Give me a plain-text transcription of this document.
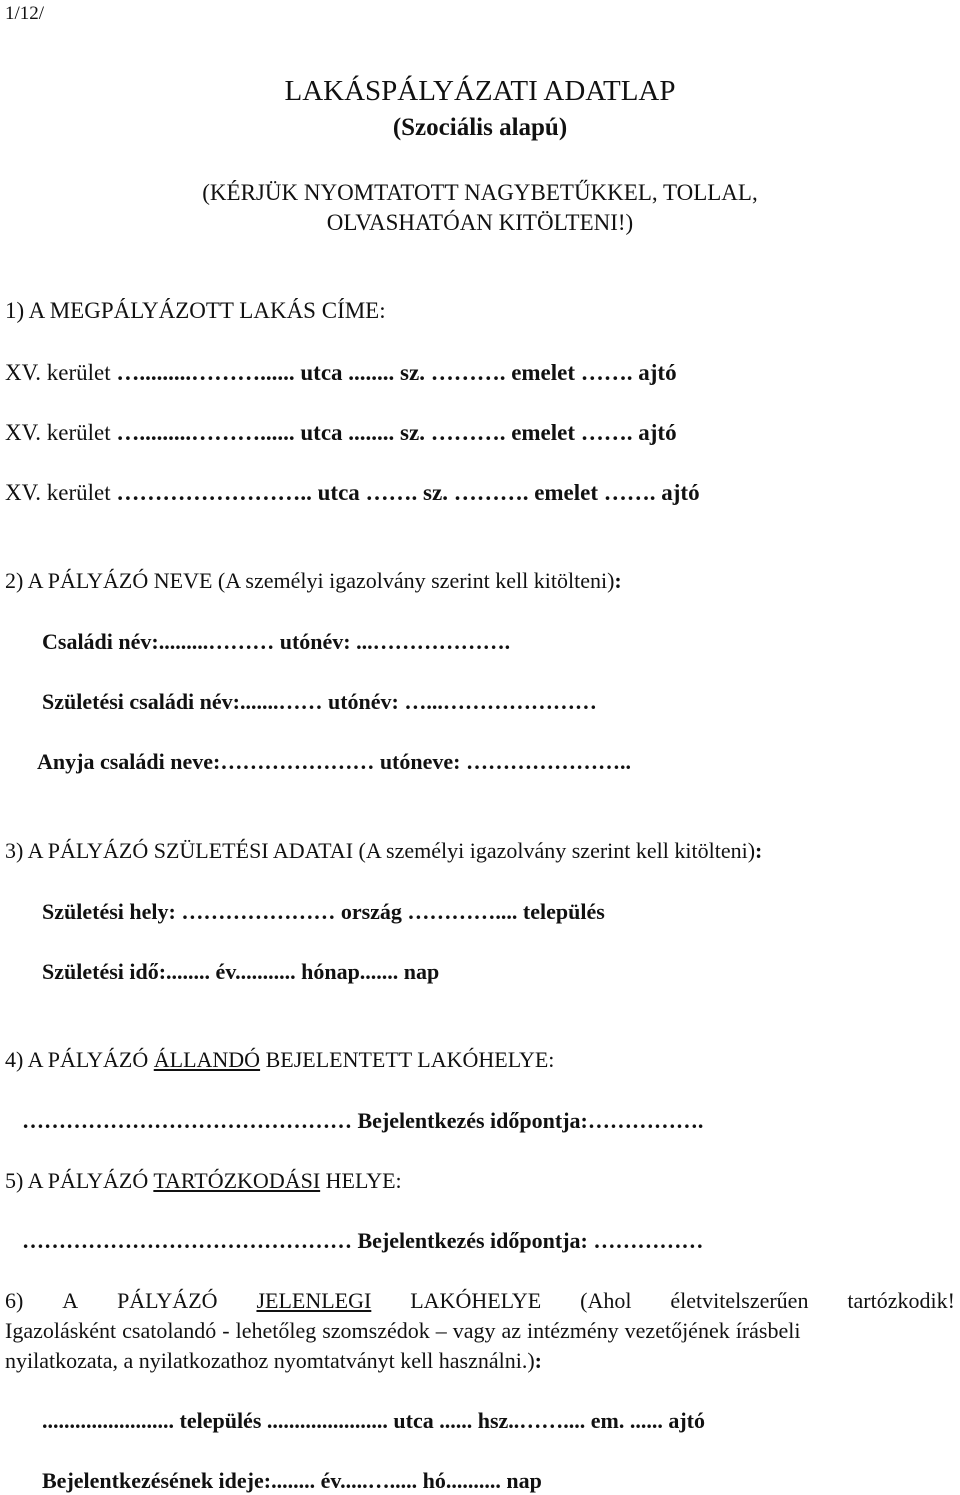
1/12/
LAKÁSPÁLYÁZATI ADATLAP
(Szociális alapú)
(KÉRJÜK NYOMTATOTT NAGYBETŰKKEL, TOLLAL,
OLVASHATÓAN KITÖLTENI!)
1) A MEGPÁLYÁZOTT LAKÁS CÍME:
XV. kerület ….........………...... utca ........ sz. ………. emelet ……. ajtó
XV. kerület ….........………...... utca ........ sz. ………. emelet ……. ajtó
XV. kerület …………………….. utca ……. sz. ………. emelet ……. ajtó
2) A PÁLYÁZÓ NEVE (A személyi igazolvány szerint kell kitölteni):
Családi név:.........……… utónév: ...……………….
Születési családi név:.......…… utónév: …...…………………
Anyja családi neve:………………… utóneve: …………………..
3) A PÁLYÁZÓ SZÜLETÉSI ADATAI (A személyi igazolvány szerint kell kitölteni):
Születési hely: ………………… ország ………….... település
Születési idő:........ év........... hónap....... nap
4) A PÁLYÁZÓ ÁLLANDÓ BEJELENTETT LAKÓHELYE:
……………………………………… Bejelentkezés időpontja:…………….
5) A PÁLYÁZÓ TARTÓZKODÁSI HELYE:
……………………………………… Bejelentkezés időpontja: ……………
6) A PÁLYÁZÓ JELENLEGI LAKÓHELYE (Ahol életvitelszerűen tartózkodik!
Igazolásként csatolandó - lehetőleg szomszédok – vagy az intézmény vezetőjének írásbeli
nyilatkozata, a nyilatkozathoz nyomtatványt kell használni.):
........................ település ...................... utca ...... hsz..…….... em. ...... ajtó
Bejelentkezésének ideje:........ év.....…..... hó.......... nap
